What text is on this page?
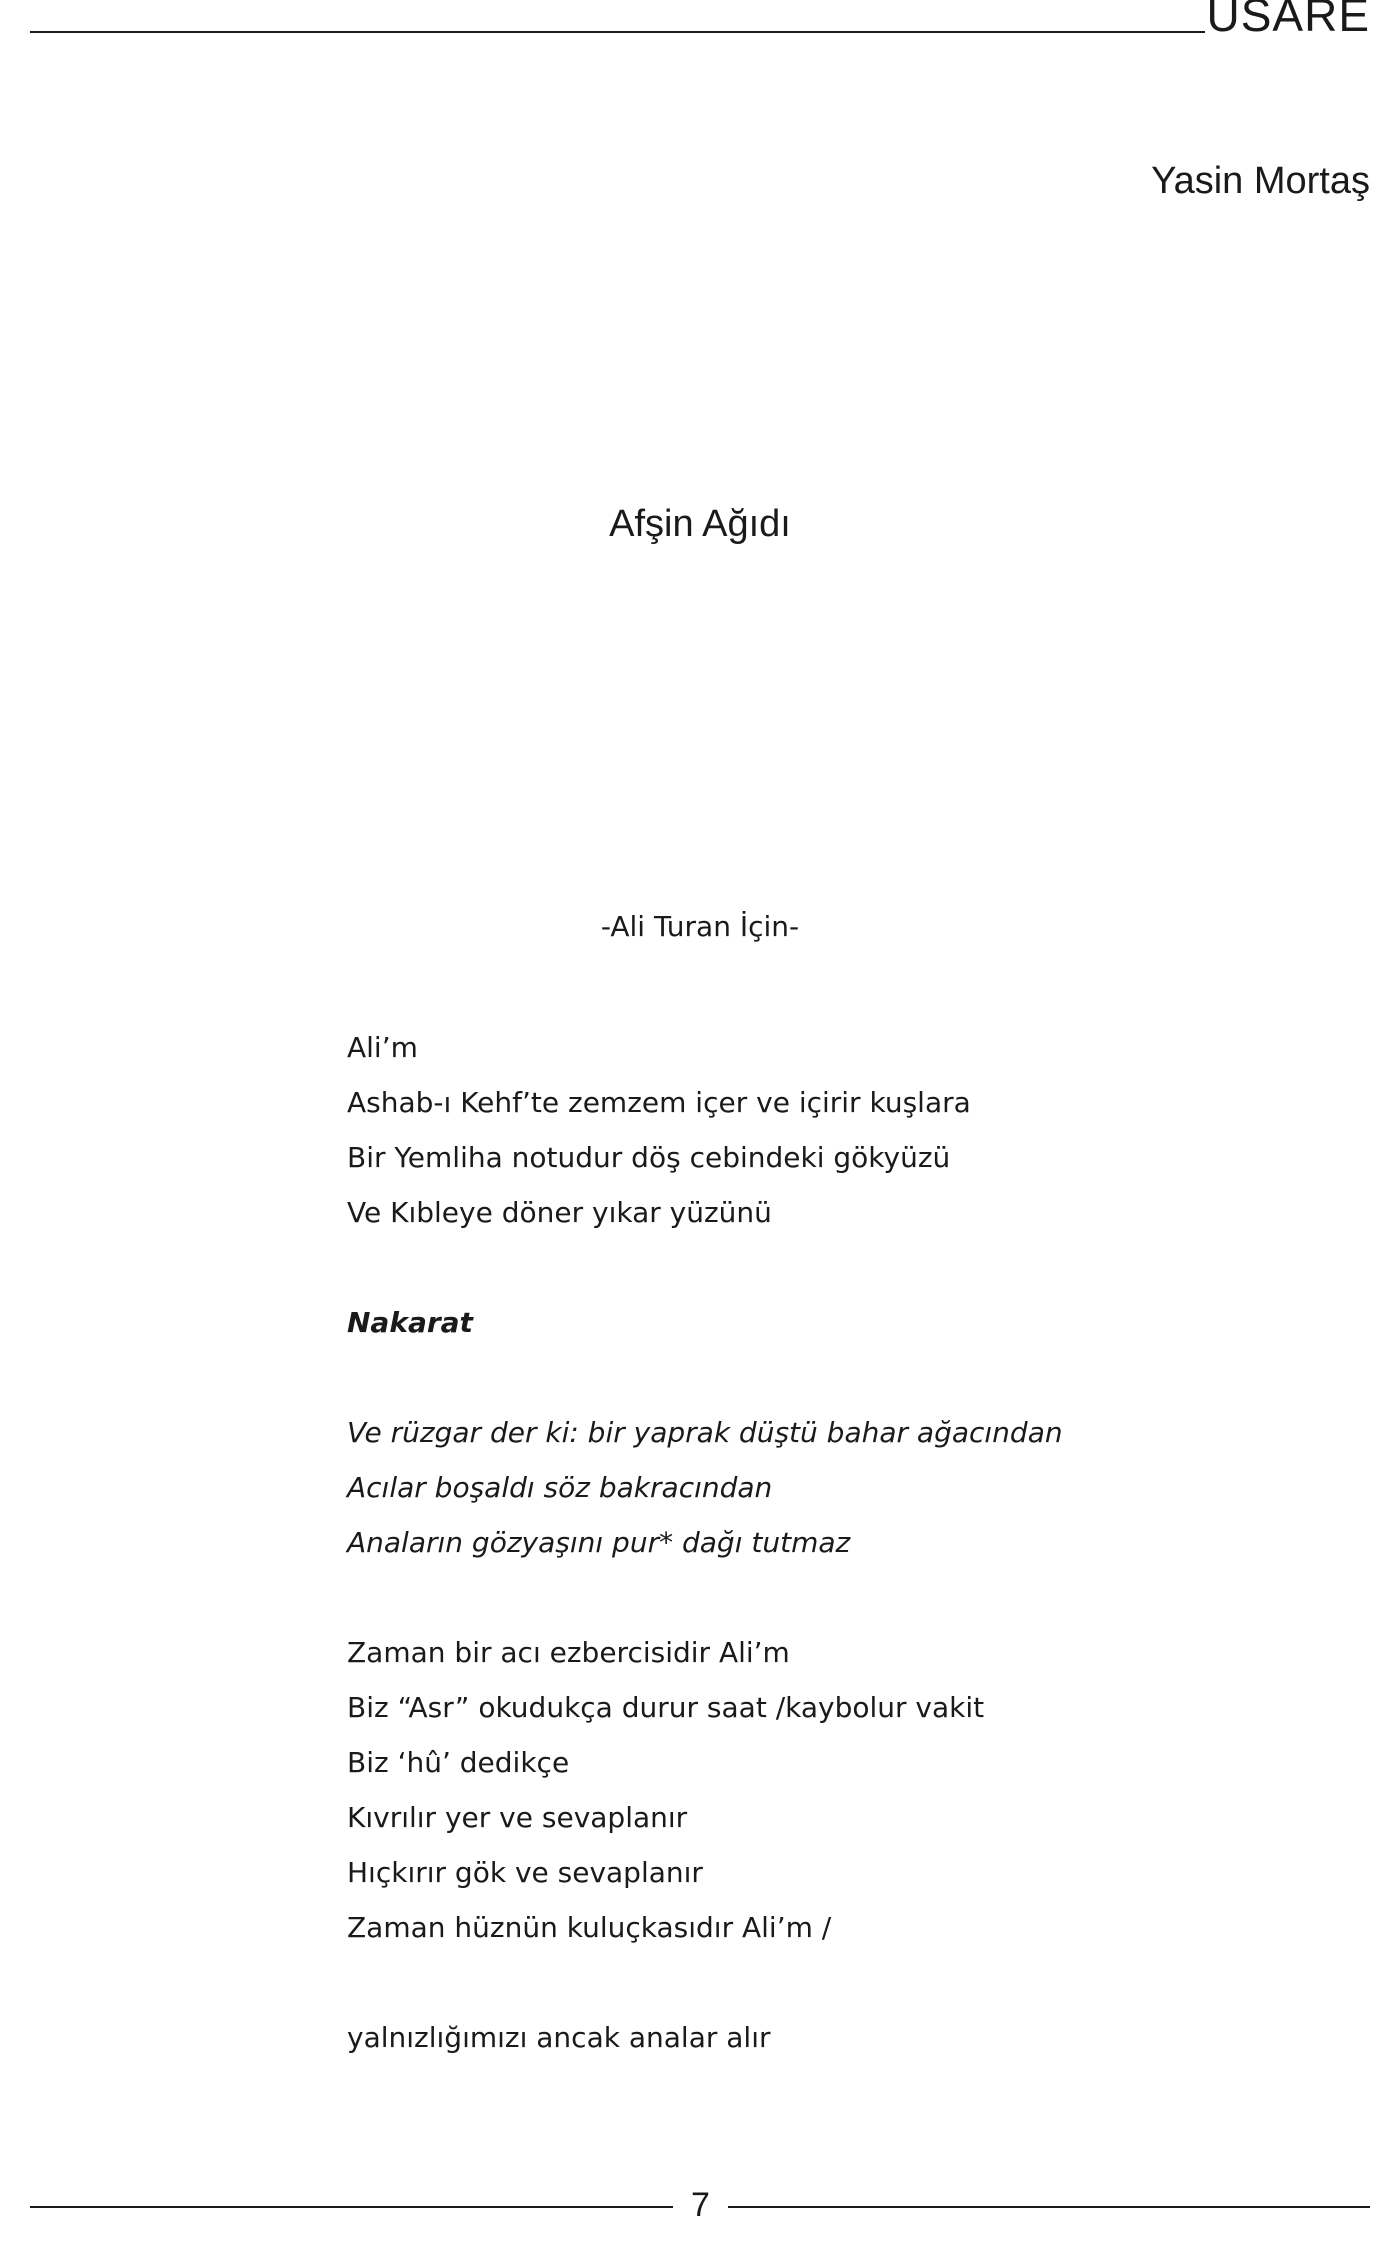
USARE
Yasin Mortaş
Afşin Ağıdı
-Ali Turan İçin-
Ali’m
Ashab-ı Kehf’te zemzem içer ve içirir kuşlara
Bir Yemliha notudur döş cebindeki gökyüzü
Ve Kıbleye döner yıkar yüzünü
Nakarat
Ve rüzgar der ki: bir yaprak düştü bahar ağacından
Acılar boşaldı söz bakracından
Anaların gözyaşını pur* dağı tutmaz
Zaman bir acı ezbercisidir Ali’m
Biz “Asr” okudukça durur saat /kaybolur vakit
Biz ‘hû’ dedikçe
Kıvrılır yer ve sevaplanır
Hıçkırır gök ve sevaplanır
Zaman hüznün kuluçkasıdır Ali’m /
yalnızlığımızı ancak analar alır
7
